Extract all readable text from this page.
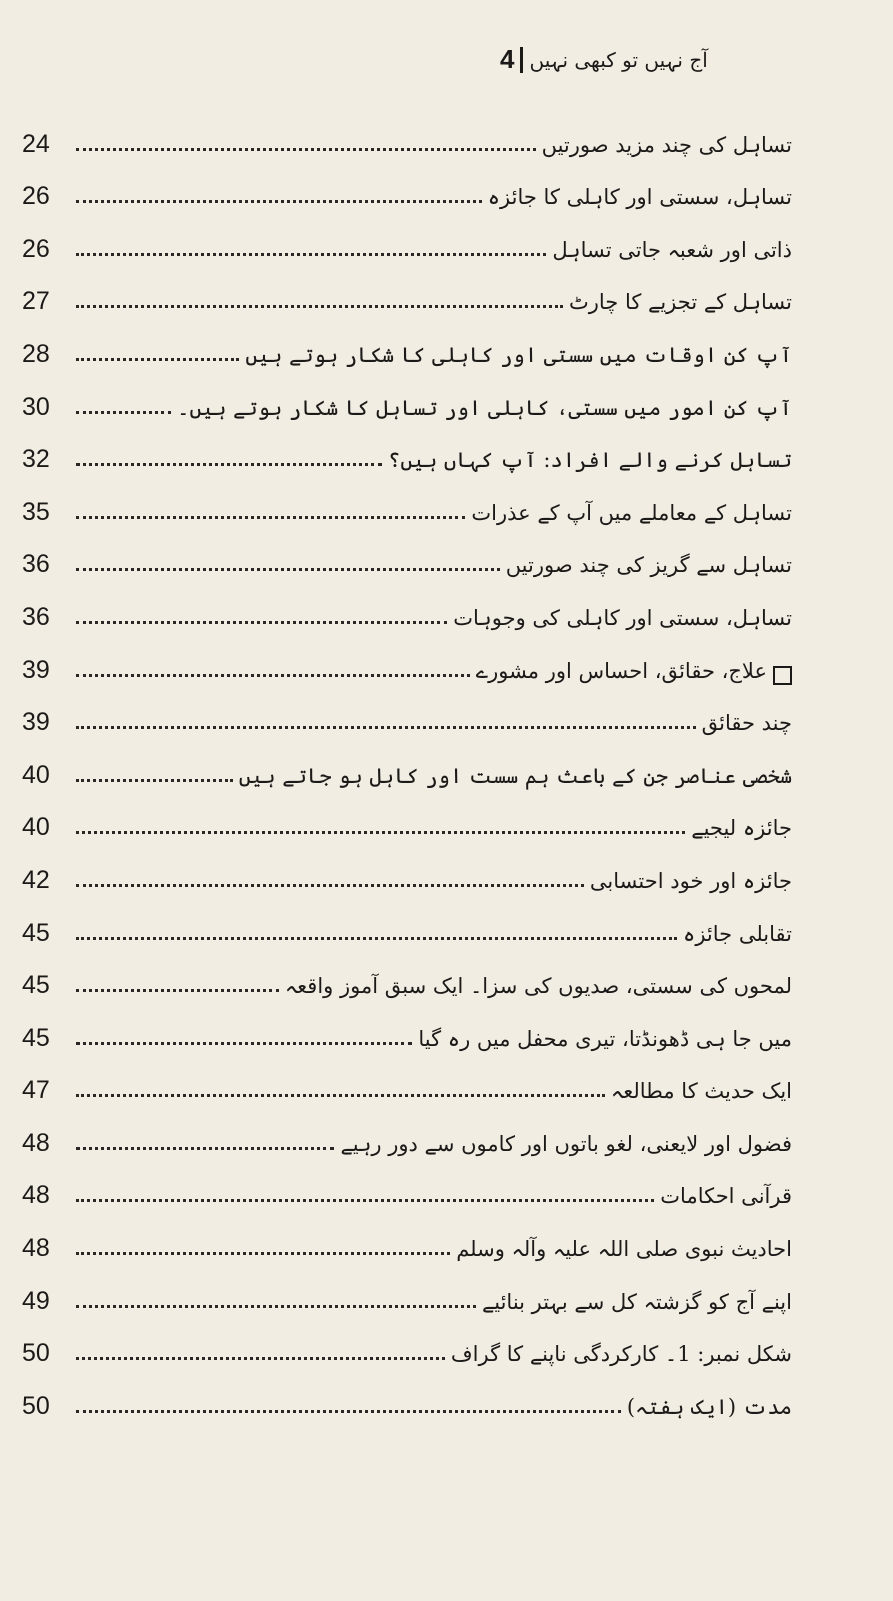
4 آج نہیں تو کبھی نہیں
24	تساہل کی چند مزید صورتیں
26	تساہل، سستی اور کاہلی کا جائزہ
26	ذاتی اور شعبہ جاتی تساہل
27	تساہل کے تجزیے کا چارٹ
28	آپ کن اوقات میں سستی اور کاہلی کا شکار ہوتے ہیں
30	آپ کن امور میں سستی، کاہلی اور تساہل کا شکار ہوتے ہیں۔
32	تساہل کرنے والے افراد: آپ کہاں ہیں؟
35	تساہل کے معاملے میں آپ کے عذرات
36	تساہل سے گریز کی چند صورتیں
36	تساہل، سستی اور کاہلی کی وجوہات
39	علاج، حقائق، احساس اور مشورے
39	چند حقائق
40	شخصی عناصر جن کے باعث ہم سست اور کاہل ہو جاتے ہیں
40	جائزہ لیجیے
42	جائزہ اور خود احتسابی
45	تقابلی جائزہ
45	لمحوں کی سستی، صدیوں کی سزا۔ ایک سبق آموز واقعہ
45	میں جا ہی ڈھونڈتا، تیری محفل میں رہ گیا
47	ایک حدیث کا مطالعہ
48	فضول اور لایعنی، لغو باتوں اور کاموں سے دور رہیے
48	قرآنی احکامات
48	احادیث نبوی صلی اللہ علیہ وآلہ وسلم
49	اپنے آج کو گزشتہ کل سے بہتر بنائیے
50	شکل نمبر: 1۔ کارکردگی ناپنے کا گراف
50	مدت (ایک ہفتہ)
